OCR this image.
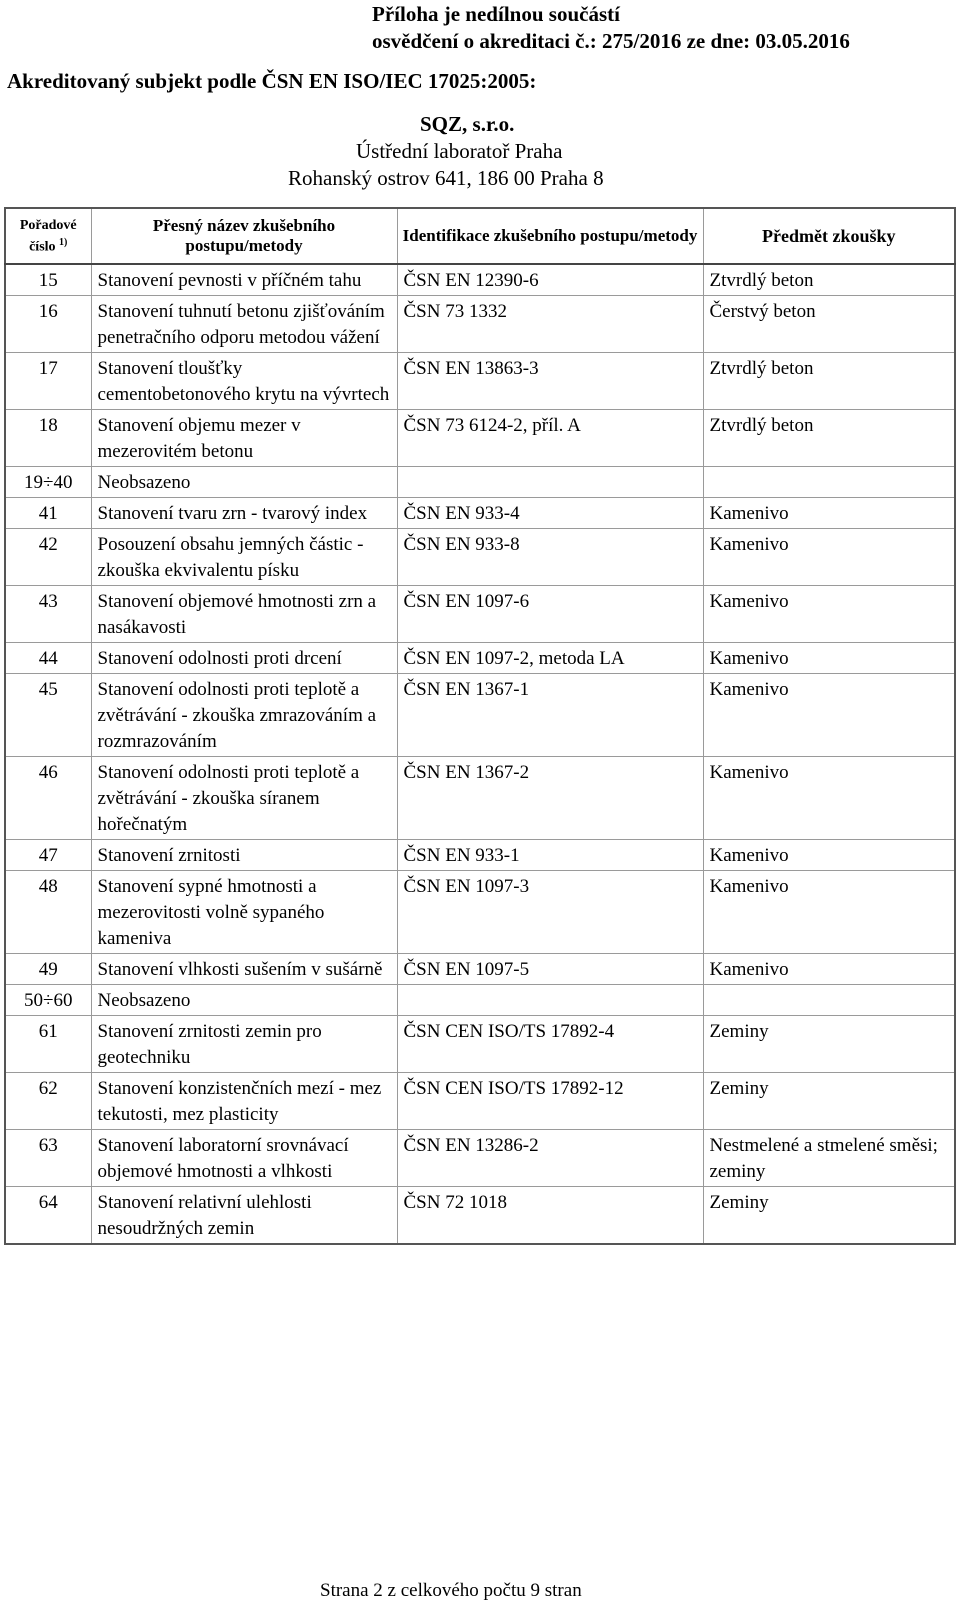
Příloha je nedílnou součástí
osvědčení o akreditaci č.: 275/2016 ze dne: 03.05.2016
Akreditovaný subjekt podle ČSN EN ISO/IEC 17025:2005:
SQZ, s.r.o.
Ústřední laboratoř Praha
Rohanský ostrov 641, 186 00 Praha 8
Pořadové číslo $^{1)}$	Přesný název zkušebního postupu/metody	Identifikace zkušebního postupu/metody	Předmět zkoušky
15	Stanovení pevnosti v příčném tahu	ČSN EN 12390-6	Ztvrdlý beton
16	Stanovení tuhnutí betonu zjišťováním penetračního odporu metodou vážení	ČSN 73 1332	Čerstvý beton
17	Stanovení tloušťky cementobetonového krytu na vývrtech	ČSN EN 13863-3	Ztvrdlý beton
18	Stanovení objemu mezer v mezerovitém betonu	ČSN 73 6124-2, příl. A	Ztvrdlý beton
19÷40	Neobsazeno		
41	Stanovení tvaru zrn - tvarový index	ČSN EN 933-4	Kamenivo
42	Posouzení obsahu jemných částic - zkouška ekvivalentu písku	ČSN EN 933-8	Kamenivo
43	Stanovení objemové hmotnosti zrn a nasákavosti	ČSN EN 1097-6	Kamenivo
44	Stanovení odolnosti proti drcení	ČSN EN 1097-2, metoda LA	Kamenivo
45	Stanovení odolnosti proti teplotě a zvětrávání - zkouška zmrazováním a rozmrazováním	ČSN EN 1367-1	Kamenivo
46	Stanovení odolnosti proti teplotě a zvětrávání - zkouška síranem hořečnatým	ČSN EN 1367-2	Kamenivo
47	Stanovení zrnitosti	ČSN EN 933-1	Kamenivo
48	Stanovení sypné hmotnosti a mezerovitosti volně sypaného kameniva	ČSN EN 1097-3	Kamenivo
49	Stanovení vlhkosti sušením v sušárně	ČSN EN 1097-5	Kamenivo
50÷60	Neobsazeno		
61	Stanovení zrnitosti zemin pro geotechniku	ČSN CEN ISO/TS 17892-4	Zeminy
62	Stanovení konzistenčních mezí - mez tekutosti, mez plasticity	ČSN CEN ISO/TS 17892-12	Zeminy
63	Stanovení laboratorní srovnávací objemové hmotnosti a vlhkosti	ČSN EN 13286-2	Nestmelené a stmelené směsi; zeminy
64	Stanovení relativní ulehlosti nesoudržných zemin	ČSN 72 1018	Zeminy
Strana 2 z celkového počtu 9 stran
